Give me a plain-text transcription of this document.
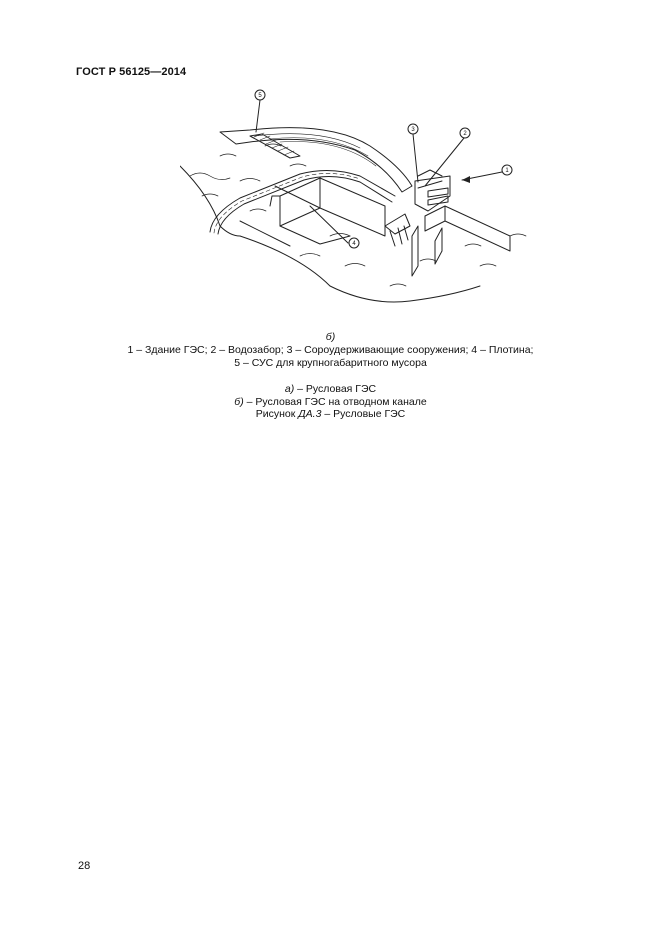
ГОСТ Р 56125—2014
5
3
2
1
4
б)
1 – Здание ГЭС; 2 – Водозабор; 3 – Сороудерживающие сооружения; 4 – Плотина;
5 – СУС для крупногабаритного мусора
а) – Русловая ГЭС
б) – Русловая ГЭС на отводном канале
Рисунок ДА.3 – Русловые ГЭС
28
